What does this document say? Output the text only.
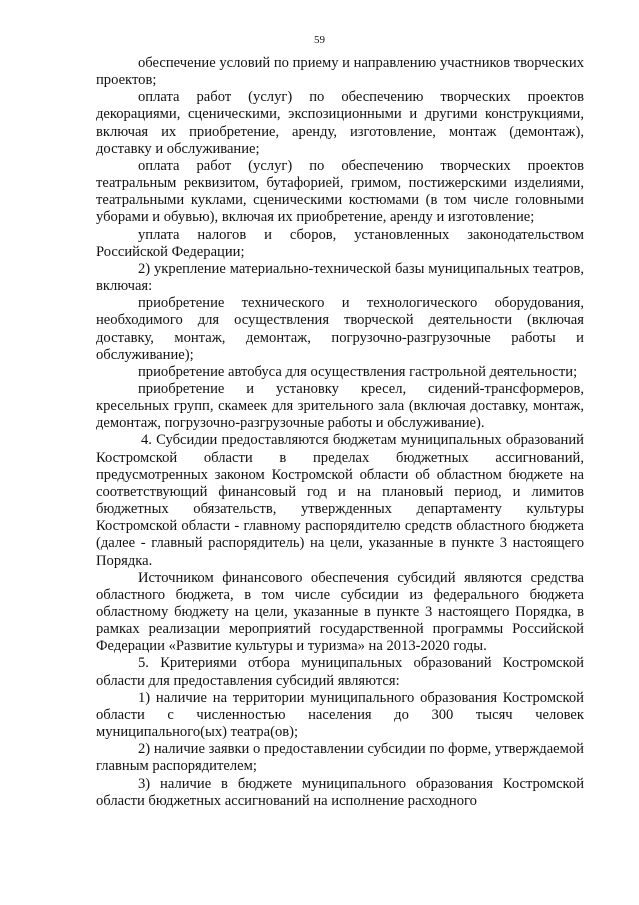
59

обеспечение условий по приему и направлению участников творческих проектов;

оплата работ (услуг) по обеспечению творческих проектов декорациями, сценическими, экспозиционными и другими конструкциями, включая их приобретение, аренду, изготовление, монтаж (демонтаж), доставку и обслуживание;

оплата работ (услуг) по обеспечению творческих проектов театральным реквизитом, бутафорией, гримом, постижерскими изделиями, театральными куклами, сценическими костюмами (в том числе головными уборами и обувью), включая их приобретение, аренду и изготовление;

уплата налогов и сборов, установленных законодательством Российской Федерации;

2) укрепление материально-технической базы муниципальных театров, включая:

приобретение технического и технологического оборудования, необходимого для осуществления творческой деятельности (включая доставку, монтаж, демонтаж, погрузочно-разгрузочные работы и обслуживание);

приобретение автобуса для осуществления гастрольной деятельности;

приобретение и установку кресел, сидений-трансформеров, кресельных групп, скамеек для зрительного зала (включая доставку, монтаж, демонтаж, погрузочно-разгрузочные работы и обслуживание).

4. Субсидии предоставляются бюджетам муниципальных образований Костромской области в пределах бюджетных ассигнований, предусмотренных законом Костромской области об областном бюджете на соответствующий финансовый год и на плановый период, и лимитов бюджетных обязательств, утвержденных департаменту культуры Костромской области - главному распорядителю средств областного бюджета (далее - главный распорядитель) на цели, указанные в пункте 3 настоящего Порядка.

Источником финансового обеспечения субсидий являются средства областного бюджета, в том числе субсидии из федерального бюджета областному бюджету на цели, указанные в пункте 3 настоящего Порядка, в рамках реализации мероприятий государственной программы Российской Федерации «Развитие культуры и туризма» на 2013-2020 годы.

5. Критериями отбора муниципальных образований Костромской области для предоставления субсидий являются:

1) наличие на территории муниципального образования Костромской области с численностью населения до 300 тысяч человек муниципального(ых) театра(ов);

2) наличие заявки о предоставлении субсидии по форме, утверждаемой главным распорядителем;

3) наличие в бюджете муниципального образования Костромской области бюджетных ассигнований на исполнение расходного
